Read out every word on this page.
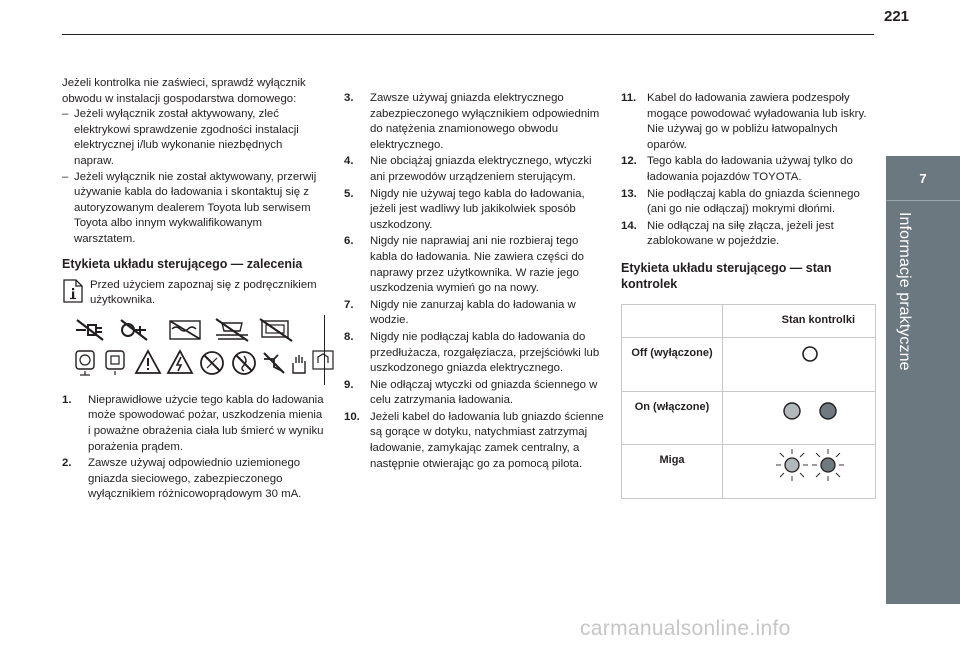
221
7
Informacje praktyczne

Jeżeli kontrolka nie zaświeci, sprawdź wyłącznik obwodu w instalacji gospodarstwa domowego:

– Jeżeli wyłącznik został aktywowany, zleć elektrykowi sprawdzenie zgodności instalacji elektrycznej i/lub wykonanie niezbędnych napraw.
– Jeżeli wyłącznik nie został aktywowany, przerwij używanie kabla do ładowania i skontaktuj się z autoryzowanym dealerem Toyota lub serwisem Toyota albo innym wykwalifikowanym warsztatem.
Etykieta układu sterującego — zalecenia
Przed użyciem zapoznaj się z podręcznikiem użytkownika.
1.	Nieprawidłowe użycie tego kabla do ładowania może spowodować pożar, uszkodzenia mienia i poważne obrażenia ciała lub śmierć w wyniku porażenia prądem.
2.	Zawsze używaj odpowiednio uziemionego gniazda sieciowego, zabezpieczonego wyłącznikiem różnicowoprądowym 30 mA.
3.	Zawsze używaj gniazda elektrycznego zabezpieczonego wyłącznikiem odpowiednim do natężenia znamionowego obwodu elektrycznego.
4.	Nie obciążaj gniazda elektrycznego, wtyczki ani przewodów urządzeniem sterującym.
5.	Nigdy nie używaj tego kabla do ładowania, jeżeli jest wadliwy lub jakikolwiek sposób uszkodzony.
6.	Nigdy nie naprawiaj ani nie rozbieraj tego kabla do ładowania. Nie zawiera części do naprawy przez użytkownika. W razie jego uszkodzenia wymień go na nowy.
7.	Nigdy nie zanurzaj kabla do ładowania w wodzie.
8.	Nigdy nie podłączaj kabla do ładowania do przedłużacza, rozgałęziacza, przejściówki lub uszkodzonego gniazda elektrycznego.
9.	Nie odłączaj wtyczki od gniazda ściennego w celu zatrzymania ładowania.
10. Jeżeli kabel do ładowania lub gniazdo ścienne są gorące w dotyku, natychmiast zatrzymaj ładowanie, zamykając zamek centralny, a następnie otwierając go za pomocą pilota.
11. Kabel do ładowania zawiera podzespoły mogące powodować wyładowania lub iskry. Nie używaj go w pobliżu łatwopalnych oparów.
12. Tego kabla do ładowania używaj tylko do ładowania pojazdów TOYOTA.
13. Nie podłączaj kabla do gniazda ściennego (ani go nie odłączaj) mokrymi dłońmi.
14. Nie odłączaj na siłę złącza, jeżeli jest zablokowane w pojeździe.
Etykieta układu sterującego — stan kontrolek
	Stan kontrolki
Off (wyłączone)	
On (włączone)	
Miga	
carmanualsonline.info
